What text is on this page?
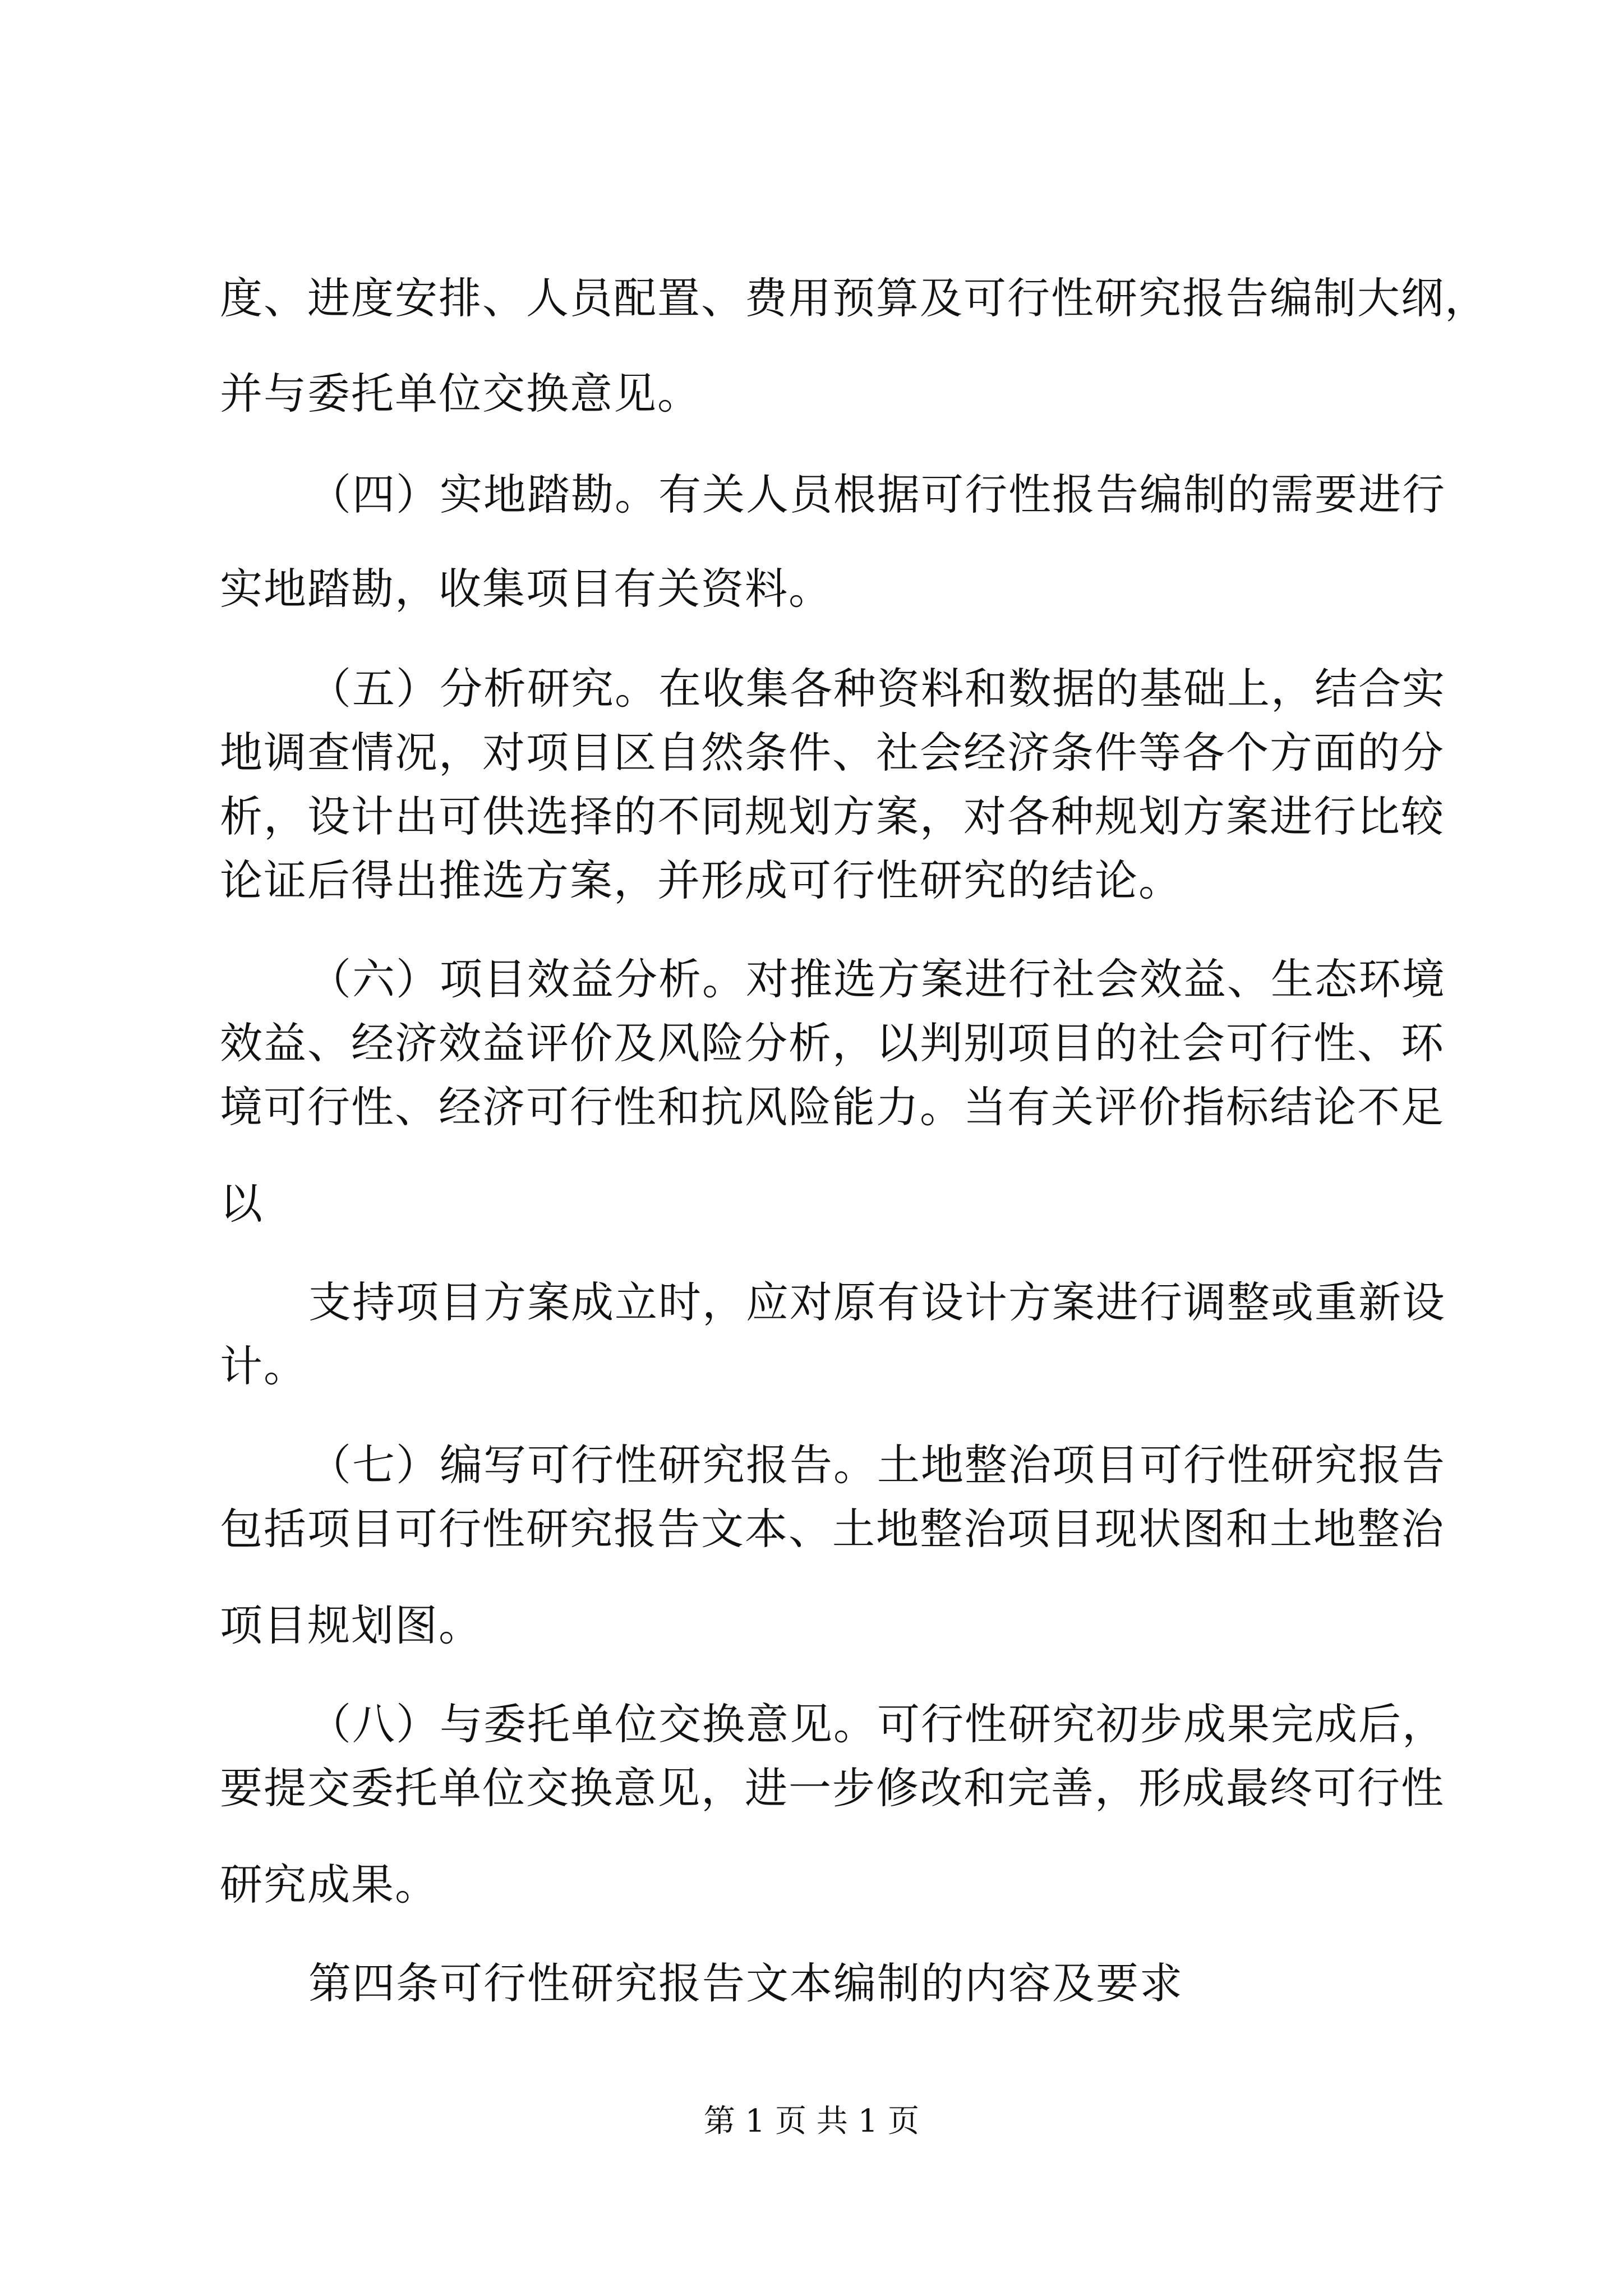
度、进度安排、人员配置、费用预算及可行性研究报告编制大纲，
并与委托单位交换意见。
（四）实地踏勘。有关人员根据可行性报告编制的需要进行
实地踏勘，收集项目有关资料。
（五）分析研究。在收集各种资料和数据的基础上，结合实
地调查情况，对项目区自然条件、社会经济条件等各个方面的分
析，设计出可供选择的不同规划方案，对各种规划方案进行比较
论证后得出推选方案，并形成可行性研究的结论。
（六）项目效益分析。对推选方案进行社会效益、生态环境
效益、经济效益评价及风险分析，以判别项目的社会可行性、环
境可行性、经济可行性和抗风险能力。当有关评价指标结论不足
以
支持项目方案成立时，应对原有设计方案进行调整或重新设
计。
（七）编写可行性研究报告。土地整治项目可行性研究报告
包括项目可行性研究报告文本、土地整治项目现状图和土地整治
项目规划图。
（八）与委托单位交换意见。可行性研究初步成果完成后，
要提交委托单位交换意见，进一步修改和完善，形成最终可行性
研究成果。
第四条可行性研究报告文本编制的内容及要求
第 1 页 共 1 页
